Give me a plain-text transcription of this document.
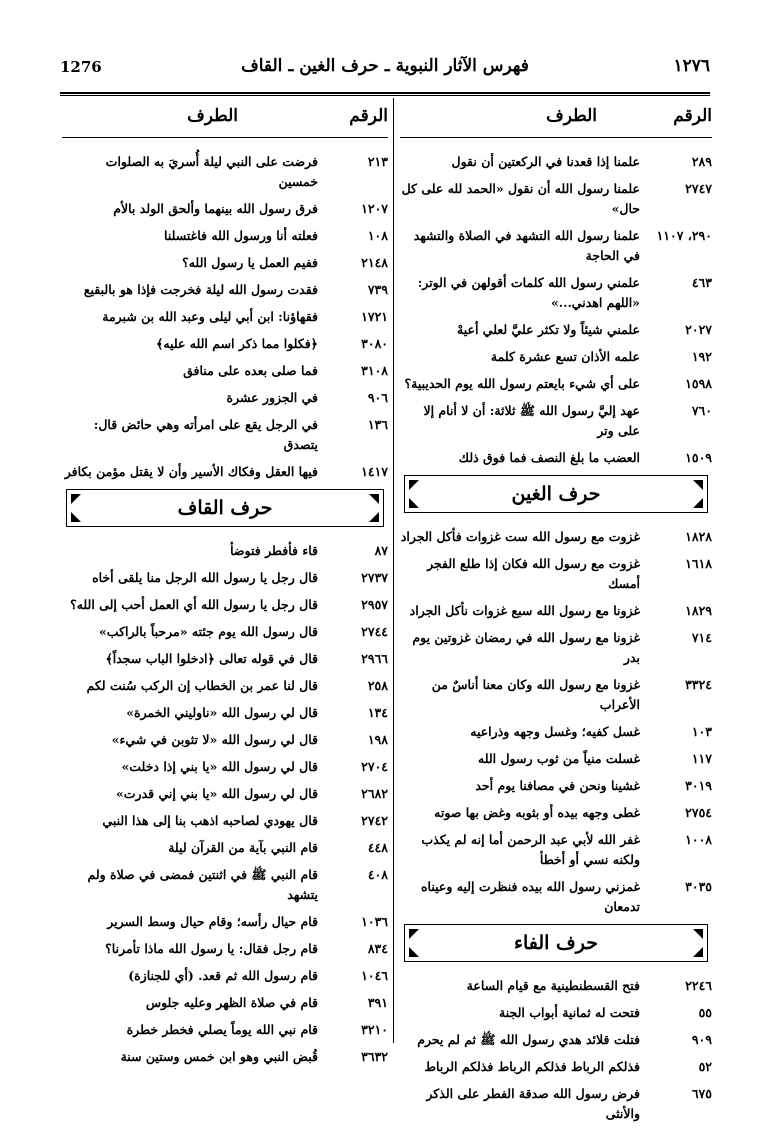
١٢٧٦
فهرس الآثار النبوية ـ حرف الغين ـ القاف
1276
الرقم
الطرف
٢٨٩
علمنا إذا قعدنا في الركعتين أن نقول
٢٧٤٧
علمنا رسول الله أن نقول «الحمد لله على كل حال»
٢٩٠، ١١٠٧
علمنا رسول الله التشهد في الصلاة والتشهد في الحاجة
٤٦٣
علمني رسول الله كلمات أقولهن في الوتر: «اللهم اهدني...»
٢٠٢٧
علمني شيئاً ولا تكثر عليَّ لعلي أعيهْ
١٩٢
علمه الأذان تسع عشرة كلمة
١٥٩٨
على أي شيء بايعتم رسول الله يوم الحديبية؟
٧٦٠
عهد إليَّ رسول الله ﷺ ثلاثة: أن لا أنام إلا على وتر
١٥٠٩
العضب ما بلغ النصف فما فوق ذلك
حرف الغين
١٨٢٨
غزوت مع رسول الله ست غزوات فأكل الجراد
١٦١٨
غزوت مع رسول الله فكان إذا طلع الفجر أمسك
١٨٢٩
غزونا مع رسول الله سبع غزوات نأكل الجراد
٧١٤
غزونا مع رسول الله في رمضان غزوتين يوم بدر
٣٣٢٤
غزونا مع رسول الله وكان معنا أناسٌ من الأعراب
١٠٣
غسل كفيه؛ وغسل وجهه وذراعيه
١١٧
غسلت منياً من ثوب رسول الله
٣٠١٩
غشينا ونحن في مصافنا يوم أحد
٢٧٥٤
غطى وجهه بيده أو بثوبه وغض بها صوته
١٠٠٨
غفر الله لأبي عبد الرحمن أما إنه لم يكذب ولكنه نسي أو أخطأ
٣٠٣٥
غمزني رسول الله بيده فنظرت إليه وعيناه تدمعان
حرف الفاء
٢٢٤٦
فتح القسطنطينية مع قيام الساعة
٥٥
فتحت له ثمانية أبواب الجنة
٩٠٩
فتلت قلائد هدي رسول الله ﷺ ثم لم يحرم
٥٢
فذلكم الرباط فذلكم الرباط فذلكم الرباط
٦٧٥
فرض رسول الله صدقة الفطر على الذكر والأنثى
الرقم
الطرف
٢١٣
فرضت على النبي ليلة أُسريَ به الصلوات خمسين
١٢٠٧
فرق رسول الله بينهما وألحق الولد بالأم
١٠٨
فعلته أنا ورسول الله فاغتسلنا
٢١٤٨
ففيم العمل يا رسول الله؟
٧٣٩
فقدت رسول الله ليلة فخرجت فإذا هو بالبقيع
١٧٢١
فقهاؤنا: ابن أبي ليلى وعبد الله بن شبرمة
٣٠٨٠
﴿فكلوا مما ذكر اسم الله عليه﴾
٣١٠٨
فما صلى بعده على منافق
٩٠٦
في الجزور عشرة
١٣٦
في الرجل يقع على امرأته وهي حائض قال: يتصدق
١٤١٧
فيها العقل وفكاك الأسير وأن لا يقتل مؤمن بكافر
حرف القاف
٨٧
قاء فأفطر فتوضأ
٢٧٣٧
قال رجل يا رسول الله الرجل منا يلقى أخاه
٢٩٥٧
قال رجل يا رسول الله أي العمل أحب إلى الله؟
٢٧٤٤
قال رسول الله يوم جئته «مرحباً بالراكب»
٢٩٦٦
قال في قوله تعالى ﴿ادخلوا الباب سجداً﴾
٢٥٨
قال لنا عمر بن الخطاب إن الركب سُنت لكم
١٣٤
قال لي رسول الله «ناوليني الخمرة»
١٩٨
قال لي رسول الله «لا تثوبن في شيء»
٢٧٠٤
قال لي رسول الله «يا بني إذا دخلت»
٢٦٨٢
قال لي رسول الله «يا بني إني قدرت»
٢٧٤٢
قال يهودي لصاحبه اذهب بنا إلى هذا النبي
٤٤٨
قام النبي بآية من القرآن ليلة
٤٠٨
قام النبي ﷺ في اثنتين فمضى في صلاة ولم يتشهد
١٠٣٦
قام حيال رأسه؛ وقام حيال وسط السرير
٨٣٤
قام رجل فقال: يا رسول الله ماذا تأمرنا؟
١٠٤٦
قام رسول الله ثم قعد. (أي للجنازة)
٣٩١
قام في صلاة الظهر وعليه جلوس
٣٢١٠
قام نبي الله يوماً يصلي فخطر خطرة
٣٦٣٢
قُبض النبي وهو ابن خمس وستين سنة
